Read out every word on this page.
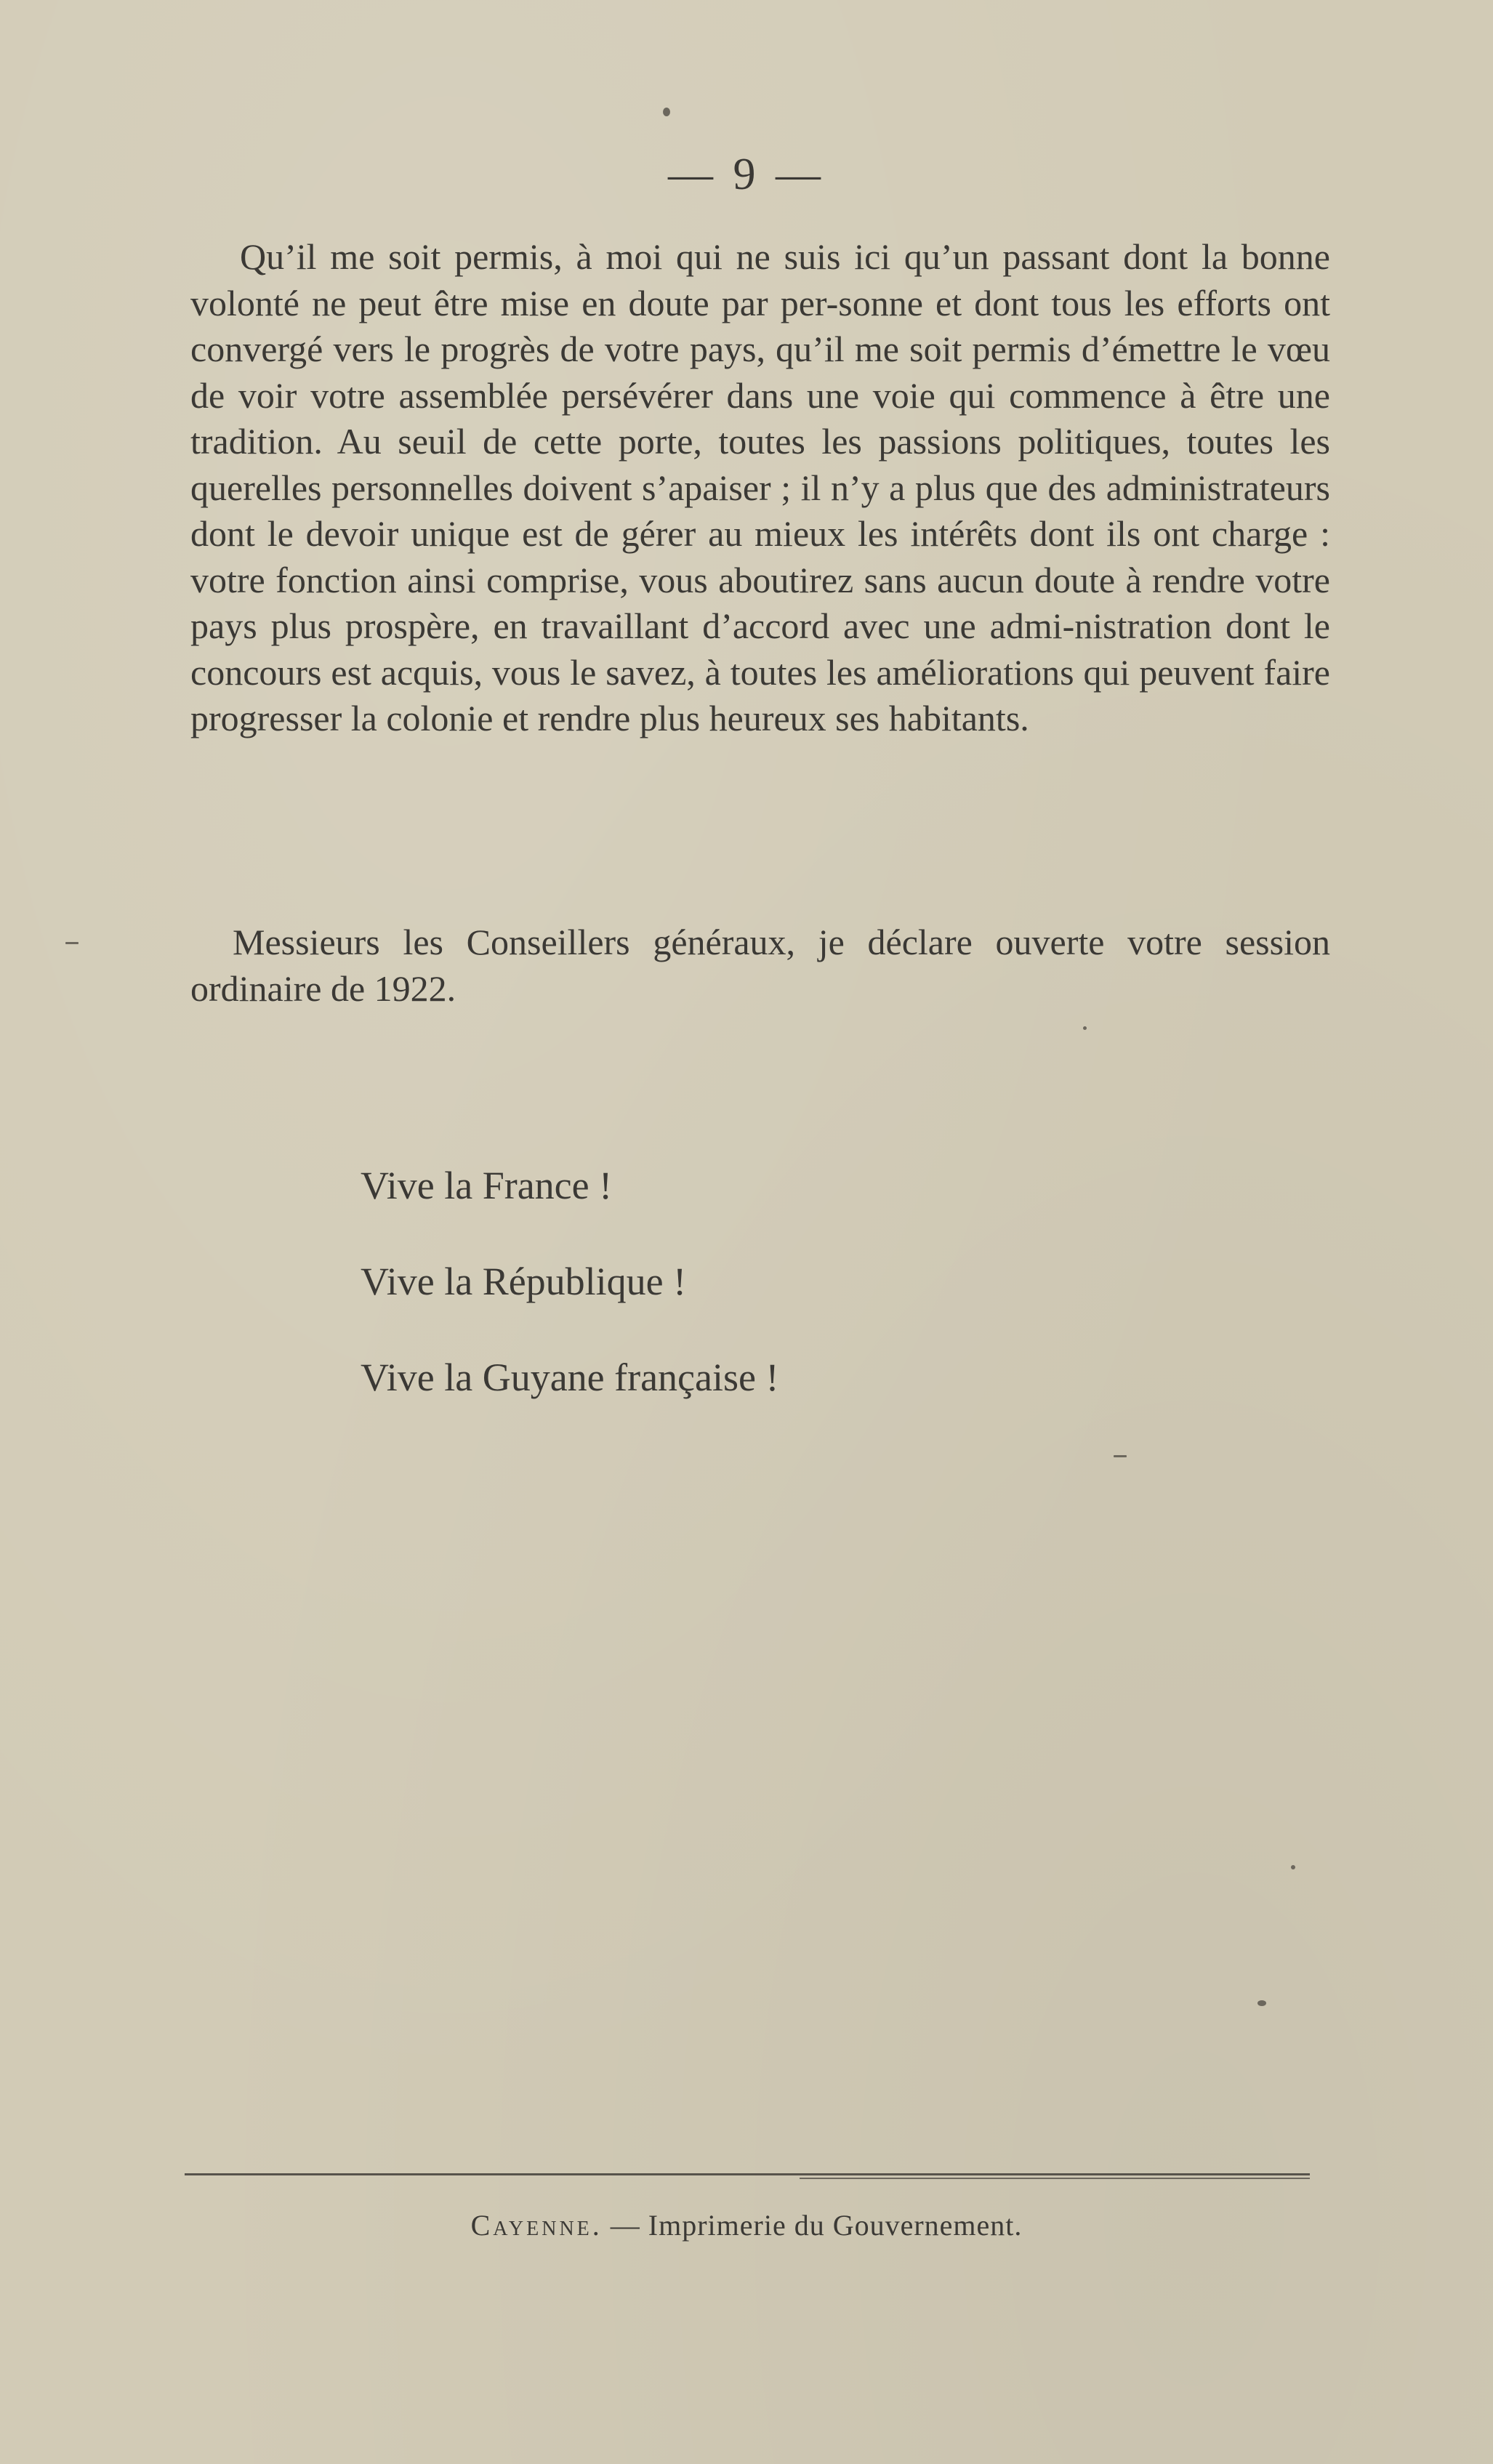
— 9 —
Qu’il me soit permis, à moi qui ne suis ici qu’un passant dont la bonne volonté ne peut être mise en doute par per-sonne et dont tous les efforts ont convergé vers le progrès de votre pays, qu’il me soit permis d’émettre le vœu de voir votre assemblée persévérer dans une voie qui commence à être une tradition. Au seuil de cette porte, toutes les passions politiques, toutes les querelles personnelles doivent s’apaiser ; il n’y a plus que des administrateurs dont le devoir unique est de gérer au mieux les intérêts dont ils ont charge : votre fonction ainsi comprise, vous aboutirez sans aucun doute à rendre votre pays plus prospère, en travaillant d’accord avec une admi-nistration dont le concours est acquis, vous le savez, à toutes les améliorations qui peuvent faire progresser la colonie et rendre plus heureux ses habitants.
Messieurs les Conseillers généraux, je déclare ouverte votre session ordinaire de 1922.
Vive la France !
Vive la République !
Vive la Guyane française !
Cayenne. — Imprimerie du Gouvernement.
